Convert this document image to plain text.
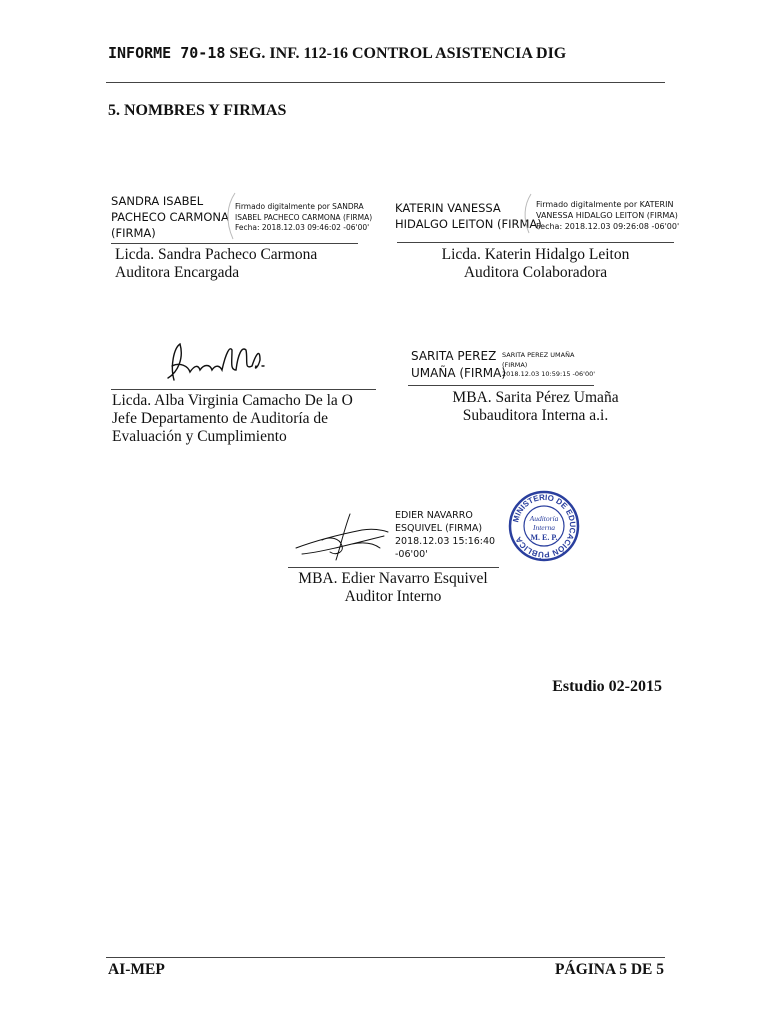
INFORME 70-18 SEG. INF. 112-16 CONTROL ASISTENCIA DIG
5. NOMBRES Y FIRMAS
SANDRA ISABEL
PACHECO CARMONA
(FIRMA)
Firmado digitalmente por SANDRA
ISABEL PACHECO CARMONA (FIRMA)
Fecha: 2018.12.03 09:46:02 -06'00'
Licda. Sandra Pacheco Carmona
Auditora Encargada
KATERIN VANESSA
HIDALGO LEITON (FIRMA)
Firmado digitalmente por KATERIN
VANESSA HIDALGO LEITON (FIRMA)
Fecha: 2018.12.03 09:26:08 -06'00'
Licda. Katerin Hidalgo Leiton
Auditora Colaboradora
Licda. Alba Virginia Camacho De la O
Jefe Departamento de Auditoría de
Evaluación y Cumplimiento
SARITA PEREZ
UMAÑA (FIRMA)
SARITA PEREZ UMAÑA
(FIRMA)
2018.12.03 10:59:15 -06'00'
MBA. Sarita Pérez Umaña
Subauditora Interna a.i.
EDIER NAVARRO
ESQUIVEL (FIRMA)
2018.12.03 15:16:40
-06'00'
MINISTERIO DE EDUCACIÓN PÚBLICA
Auditoría
Interna
M. E. P.
MBA. Edier Navarro Esquivel
Auditor Interno
Estudio 02-2015
AI-MEP	PÁGINA 5 DE 5
